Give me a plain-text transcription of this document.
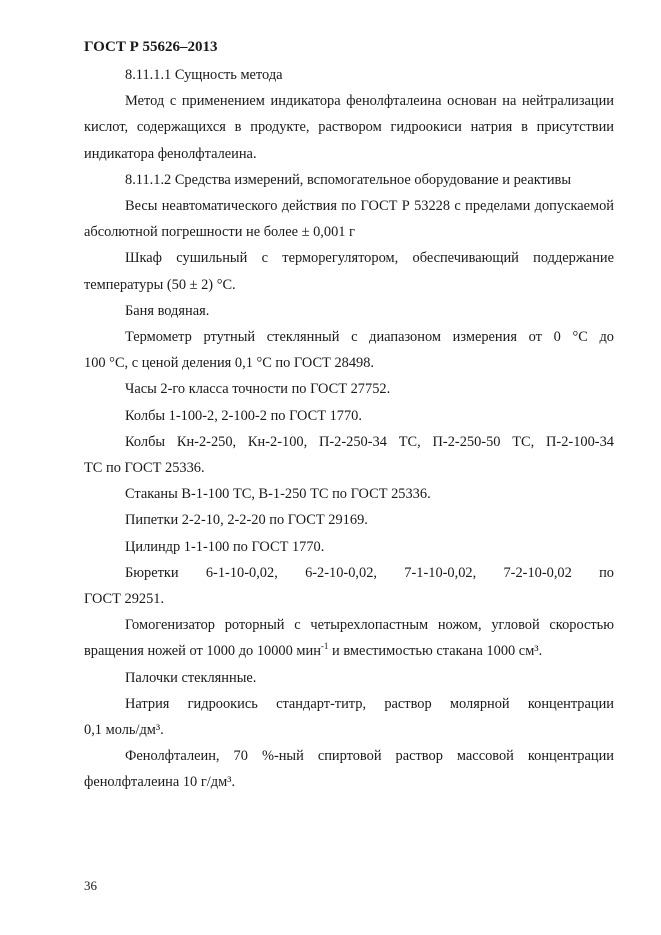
ГОСТ Р 55626–2013

8.11.1.1 Сущность метода

Метод с применением индикатора фенолфталеина основан на нейтрализации кислот, содержащихся в продукте, раствором гидроокиси натрия в присутствии индикатора фенолфталеина.

8.11.1.2 Средства измерений, вспомогательное оборудование и реактивы

Весы неавтоматического действия по ГОСТ Р 53228 с пределами допускаемой абсолютной погрешности не более ± 0,001 г

Шкаф сушильный с терморегулятором, обеспечивающий поддержание
температуры (50 ± 2) °С.

Баня водяная.

Термометр ртутный стеклянный с диапазоном измерения от 0 °С до
100 °С, с ценой деления 0,1 °С по ГОСТ 28498.

Часы 2-го класса точности по ГОСТ 27752.

Колбы 1-100-2, 2-100-2 по ГОСТ 1770.

Колбы Кн-2-250, Кн-2-100, П-2-250-34 ТС, П-2-250-50 ТС, П-2-100-34
ТС по ГОСТ 25336.

Стаканы В-1-100 ТС, В-1-250 ТС по ГОСТ 25336.

Пипетки 2-2-10, 2-2-20 по ГОСТ 29169.

Цилиндр 1-1-100 по ГОСТ 1770.

Бюретки 6-1-10-0,02, 6-2-10-0,02, 7-1-10-0,02, 7-2-10-0,02 по
ГОСТ 29251.

Гомогенизатор роторный с четырехлопастным ножом, угловой скоростью
вращения ножей от 1000 до 10000 мин$^{-1}$ и вместимостью стакана 1000 см³.

Палочки стеклянные.

Натрия гидроокись стандарт-титр, раствор молярной концентрации
0,1 моль/дм³.

Фенолфталеин, 70 %-ный спиртовой раствор массовой концентрации
фенолфталеина 10 г/дм³.

36
